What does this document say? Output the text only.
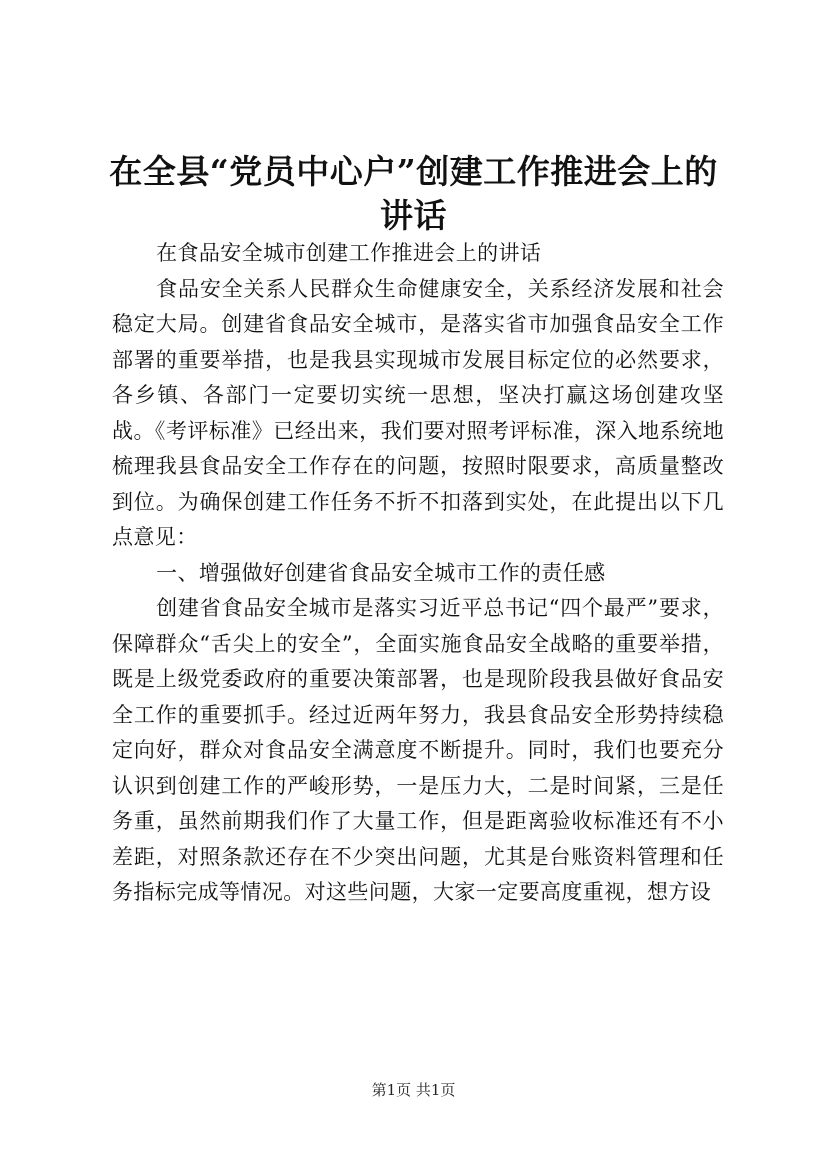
在全县“党员中心户”创建工作推进会上的讲话

在食品安全城市创建工作推进会上的讲话

食品安全关系人民群众生命健康安全，关系经济发展和社会稳定大局。创建省食品安全城市，是落实省市加强食品安全工作部署的重要举措，也是我县实现城市发展目标定位的必然要求，各乡镇、各部门一定要切实统一思想，坚决打赢这场创建攻坚战。《考评标准》已经出来，我们要对照考评标准，深入地系统地梳理我县食品安全工作存在的问题，按照时限要求，高质量整改到位。为确保创建工作任务不折不扣落到实处，在此提出以下几点意见：

一、增强做好创建省食品安全城市工作的责任感

创建省食品安全城市是落实习近平总书记“四个最严”要求，保障群众“舌尖上的安全”，全面实施食品安全战略的重要举措，既是上级党委政府的重要决策部署，也是现阶段我县做好食品安全工作的重要抓手。经过近两年努力，我县食品安全形势持续稳定向好，群众对食品安全满意度不断提升。同时，我们也要充分认识到创建工作的严峻形势，一是压力大，二是时间紧，三是任务重，虽然前期我们作了大量工作，但是距离验收标准还有不小差距，对照条款还存在不少突出问题，尤其是台账资料管理和任务指标完成等情况。对这些问题，大家一定要高度重视，想方设

第1页 共1页
